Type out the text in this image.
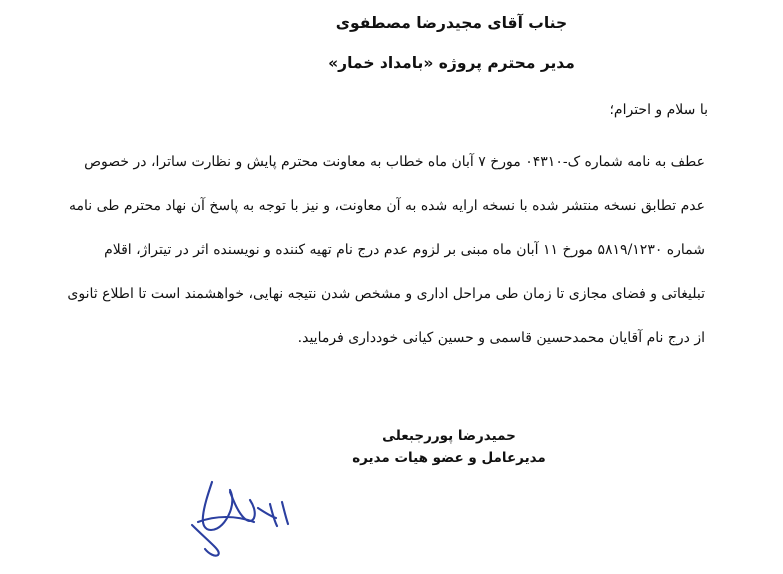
جناب آقای مجیدرضا مصطفوی
مدیر محترم پروژه «بامداد خمار»
با سلام و احترام؛
عطف به نامه شماره ک-۰۴۳۱۰ مورخ ۷ آبان ماه خطاب به معاونت محترم پایش و نظارت ساترا، در خصوص
عدم تطابق نسخه منتشر شده با نسخه ارایه شده به آن معاونت، و نیز با توجه به پاسخ آن نهاد محترم طی نامه
شماره ۵۸۱۹/۱۲۳۰ مورخ ۱۱ آبان ماه مبنی بر لزوم عدم درج نام تهیه کننده و نویسنده اثر در تیتراژ، اقلام
تبلیغاتی و فضای مجازی تا زمان طی مراحل اداری و مشخص شدن نتیجه نهایی، خواهشمند است تا اطلاع ثانوی
از درج نام آقایان محمدحسین قاسمی و حسین کیانی خودداری فرمایید.
حمیدرضا پوررجبعلی
مدیرعامل و عضو هیات مدیره
